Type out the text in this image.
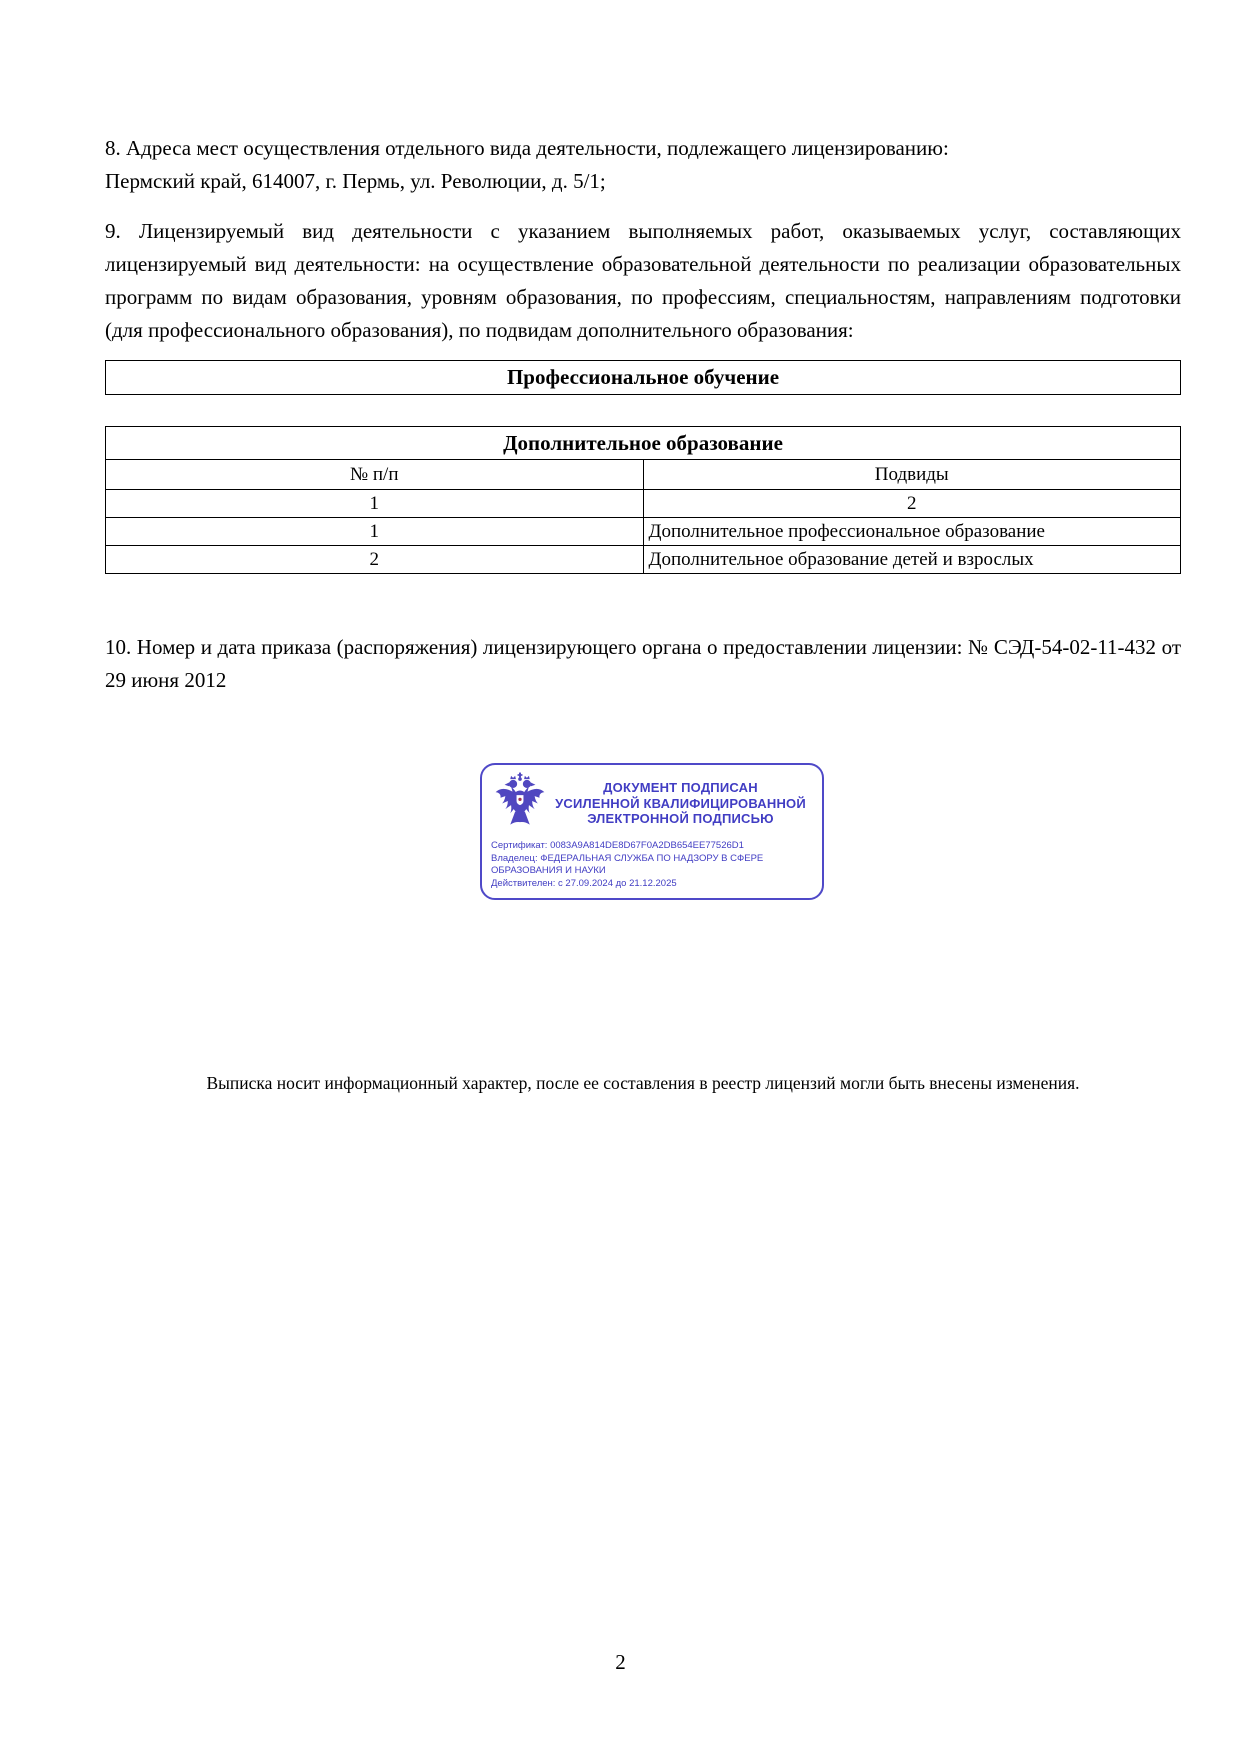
8. Адреса мест осуществления отдельного вида деятельности, подлежащего лицензированию:
Пермский край, 614007, г. Пермь, ул. Революции, д. 5/1;
9. Лицензируемый вид деятельности с указанием выполняемых работ, оказываемых услуг, составляющих лицензируемый вид деятельности: на осуществление образовательной деятельности по реализации образовательных программ по видам образования, уровням образования, по профессиям, специальностям, направлениям подготовки (для профессионального образования), по подвидам дополнительного образования:
Профессиональное обучение
Дополнительное образование	
№ п/п	Подвиды
1	2
1	Дополнительное профессиональное образование
2	Дополнительное образование детей и взрослых
10. Номер и дата приказа (распоряжения) лицензирующего органа о предоставлении лицензии: № СЭД-54-02-11-432 от 29 июня 2012
ДОКУМЕНТ ПОДПИСАН
УСИЛЕННОЙ КВАЛИФИЦИРОВАННОЙ
ЭЛЕКТРОННОЙ ПОДПИСЬЮ
Сертификат: 0083A9A814DE8D67F0A2DB654EE77526D1
Владелец: ФЕДЕРАЛЬНАЯ СЛУЖБА ПО НАДЗОРУ В СФЕРЕ ОБРАЗОВАНИЯ И НАУКИ
Действителен: с 27.09.2024 до 21.12.2025
Выписка носит информационный характер, после ее составления в реестр лицензий могли быть внесены изменения.
2
